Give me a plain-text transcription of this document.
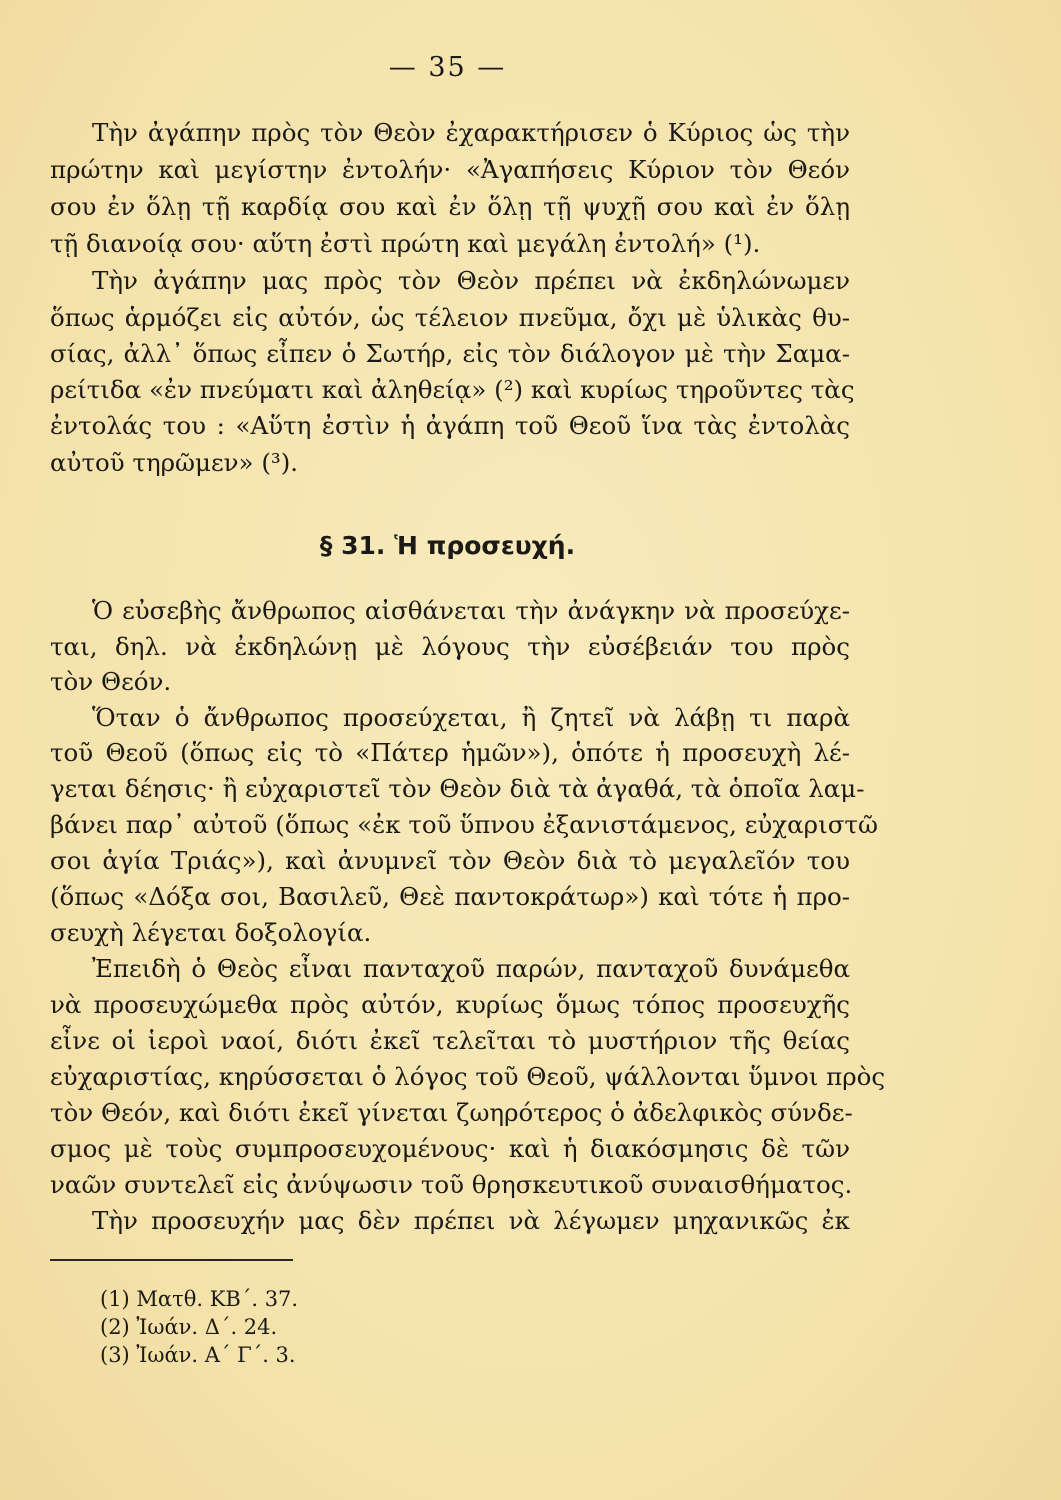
— 35 —
Τὴν ἀγάπην πρὸς τὸν Θεὸν ἐχαρακτήρισεν ὁ Κύριος ὡς τὴν
πρώτην καὶ μεγίστην ἐντολήν· «Ἀγαπήσεις Κύριον τὸν Θεόν
σου ἐν ὅλῃ τῇ καρδίᾳ σου καὶ ἐν ὅλῃ τῇ ψυχῇ σου καὶ ἐν ὅλῃ
τῇ διανοίᾳ σου· αὕτη ἐστὶ πρώτη καὶ μεγάλη ἐντολή» (¹).
Τὴν ἀγάπην μας πρὸς τὸν Θεὸν πρέπει νὰ ἐκδηλώνωμεν
ὅπως ἁρμόζει εἰς αὐτόν, ὡς τέλειον πνεῦμα, ὄχι μὲ ὑλικὰς θυ-
σίας, ἀλλ᾽ ὅπως εἶπεν ὁ Σωτήρ, εἰς τὸν διάλογον μὲ τὴν Σαμα-
ρείτιδα «ἐν πνεύματι καὶ ἀληθείᾳ» (²) καὶ κυρίως τηροῦντες τὰς
ἐντολάς του : «Αὕτη ἐστὶν ἡ ἀγάπη τοῦ Θεοῦ ἵνα τὰς ἐντολὰς
αὐτοῦ τηρῶμεν» (³).
§ 31. Ἡ προσευχή.
Ὁ εὐσεβὴς ἄνθρωπος αἰσθάνεται τὴν ἀνάγκην νὰ προσεύχε-
ται, δηλ. νὰ ἐκδηλώνῃ μὲ λόγους τὴν εὐσέβειάν του πρὸς
τὸν Θεόν.
Ὅταν ὁ ἄνθρωπος προσεύχεται, ἢ ζητεῖ νὰ λάβῃ τι παρὰ
τοῦ Θεοῦ (ὅπως εἰς τὸ «Πάτερ ἡμῶν»), ὁπότε ἡ προσευχὴ λέ-
γεται δέησις· ἢ εὐχαριστεῖ τὸν Θεὸν διὰ τὰ ἀγαθά, τὰ ὁποῖα λαμ-
βάνει παρ᾽ αὐτοῦ (ὅπως «ἐκ τοῦ ὕπνου ἐξανιστάμενος, εὐχαριστῶ
σοι ἁγία Τριάς»), καὶ ἀνυμνεῖ τὸν Θεὸν διὰ τὸ μεγαλεῖόν του
(ὅπως «Δόξα σοι, Βασιλεῦ, Θεὲ παντοκράτωρ») καὶ τότε ἡ προ-
σευχὴ λέγεται δοξολογία.
Ἐπειδὴ ὁ Θεὸς εἶναι πανταχοῦ παρών, πανταχοῦ δυνάμεθα
νὰ προσευχώμεθα πρὸς αὐτόν, κυρίως ὅμως τόπος προσευχῆς
εἶνε οἱ ἱεροὶ ναοί, διότι ἐκεῖ τελεῖται τὸ μυστήριον τῆς θείας
εὐχαριστίας, κηρύσσεται ὁ λόγος τοῦ Θεοῦ, ψάλλονται ὕμνοι πρὸς
τὸν Θεόν, καὶ διότι ἐκεῖ γίνεται ζωηρότερος ὁ ἀδελφικὸς σύνδε-
σμος μὲ τοὺς συμπροσευχομένους· καὶ ἡ διακόσμησις δὲ τῶν
ναῶν συντελεῖ εἰς ἀνύψωσιν τοῦ θρησκευτικοῦ συναισθήματος.
Τὴν προσευχήν μας δὲν πρέπει νὰ λέγωμεν μηχανικῶς ἐκ
(1) Ματθ. ΚΒ΄. 37.
(2) Ἰωάν. Δ΄. 24.
(3) Ἰωάν. Α΄ Γ΄. 3.
